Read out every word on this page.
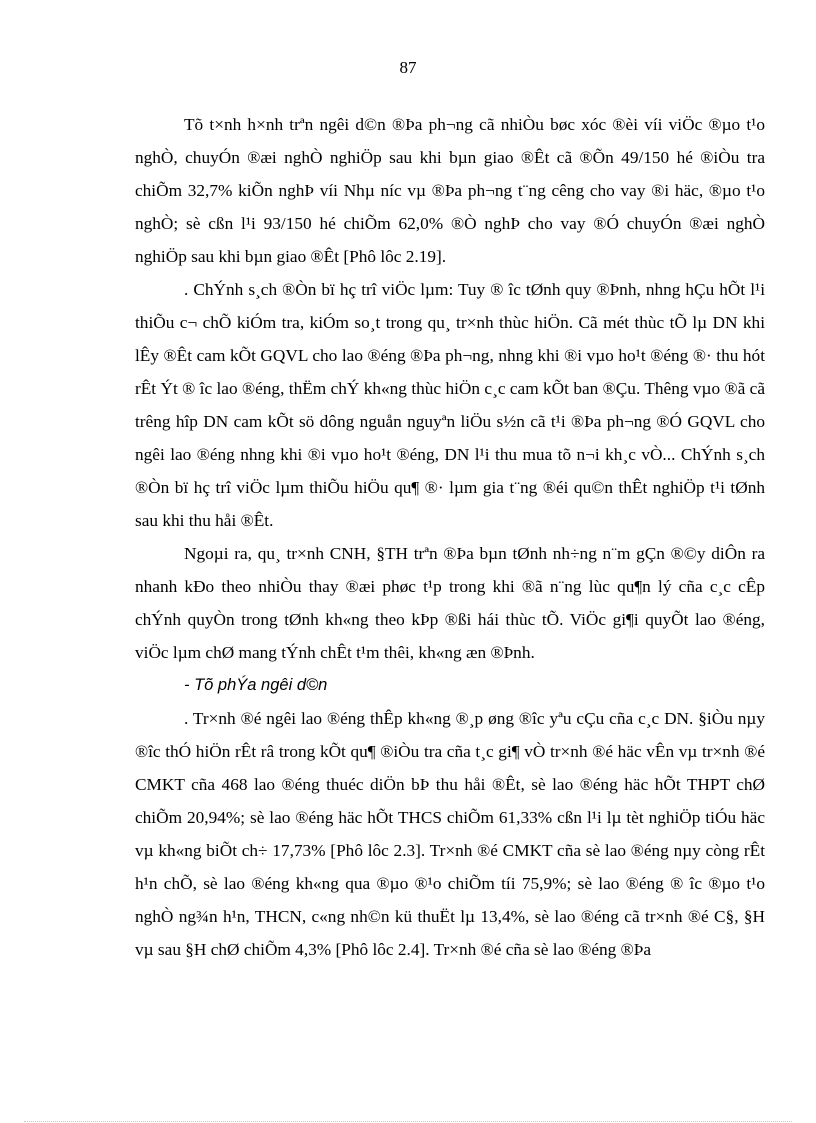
87

Tõ t×nh h×nh trªn ngêi d©n ®Þa ph¬ng cã nhiÒu bøc xóc ®èi víi viÖc ®µo t¹o nghÒ, chuyÓn ®æi nghÒ nghiÖp sau khi bµn giao ®Êt cã ®Õn 49/150 hé ®iÒu tra chiÕm 32,7% kiÕn nghÞ víi Nhµ níc vµ ®Þa ph¬ng t¨ng cêng cho vay ®i häc, ®µo t¹o nghÒ; sè cßn l¹i 93/150 hé chiÕm 62,0% ®Ò nghÞ cho vay ®Ó chuyÓn ®æi nghÒ nghiÖp sau khi bµn giao ®Êt [Phô lôc 2.19].

. ChÝnh s¸ch ®Òn bï hç trî viÖc lµm: Tuy ® îc tØnh quy ®Þnh, nhng hÇu hÕt l¹i thiÕu c¬ chÕ kiÓm tra, kiÓm so¸t trong qu¸ tr×nh thùc hiÖn. Cã mét thùc tÕ lµ DN khi lÊy ®Êt cam kÕt GQVL cho lao ®éng ®Þa ph¬ng, nhng khi ®i vµo ho¹t ®éng ®· thu hót rÊt Ýt ® îc lao ®éng, thËm chÝ kh«ng thùc hiÖn c¸c cam kÕt ban ®Çu. Thêng vµo ®ã cã trêng hîp DN cam kÕt sö dông nguån nguyªn liÖu s½n cã t¹i ®Þa ph¬ng ®Ó GQVL cho ngêi lao ®éng nhng khi ®i vµo ho¹t ®éng, DN l¹i thu mua tõ n¬i kh¸c vÒ... ChÝnh s¸ch ®Òn bï hç trî viÖc lµm thiÕu hiÖu qu¶ ®· lµm gia t¨ng ®éi qu©n thÊt nghiÖp t¹i tØnh sau khi thu håi ®Êt.

Ngoµi ra, qu¸ tr×nh CNH, §TH trªn ®Þa bµn tØnh nh÷ng n¨m gÇn ®©y diÔn ra nhanh kÐo theo nhiÒu thay ®æi phøc t¹p trong khi ®ã n¨ng lùc qu¶n lý cña c¸c cÊp chÝnh quyÒn trong tØnh kh«ng theo kÞp ®ßi hái thùc tÕ. ViÖc gi¶i quyÕt lao ®éng, viÖc lµm chØ mang tÝnh chÊt t¹m thêi, kh«ng æn ®Þnh.

- Tõ phÝa ngêi d©n

. Tr×nh ®é ngêi lao ®éng thÊp kh«ng ®¸p øng ®îc yªu cÇu cña c¸c DN. §iÒu nµy ®îc thÓ hiÖn rÊt râ trong kÕt qu¶ ®iÒu tra cña t¸c gi¶ vÒ tr×nh ®é häc vÊn vµ tr×nh ®é CMKT cña 468 lao ®éng thuéc diÖn bÞ thu håi ®Êt, sè lao ®éng häc hÕt THPT chØ chiÕm 20,94%; sè lao ®éng häc hÕt THCS chiÕm 61,33% cßn l¹i lµ tèt nghiÖp tiÓu häc vµ kh«ng biÕt ch÷ 17,73% [Phô lôc 2.3]. Tr×nh ®é CMKT cña sè lao ®éng nµy còng rÊt h¹n chÕ, sè lao ®éng kh«ng qua ®µo ®¹o chiÕm tíi 75,9%; sè lao ®éng ® îc ®µo t¹o nghÒ ng¾n h¹n, THCN, c«ng nh©n kü thuËt lµ 13,4%, sè lao ®éng cã tr×nh ®é C§, §H vµ sau §H chØ chiÕm 4,3% [Phô lôc 2.4]. Tr×nh ®é cña sè lao ®éng ®Þa
